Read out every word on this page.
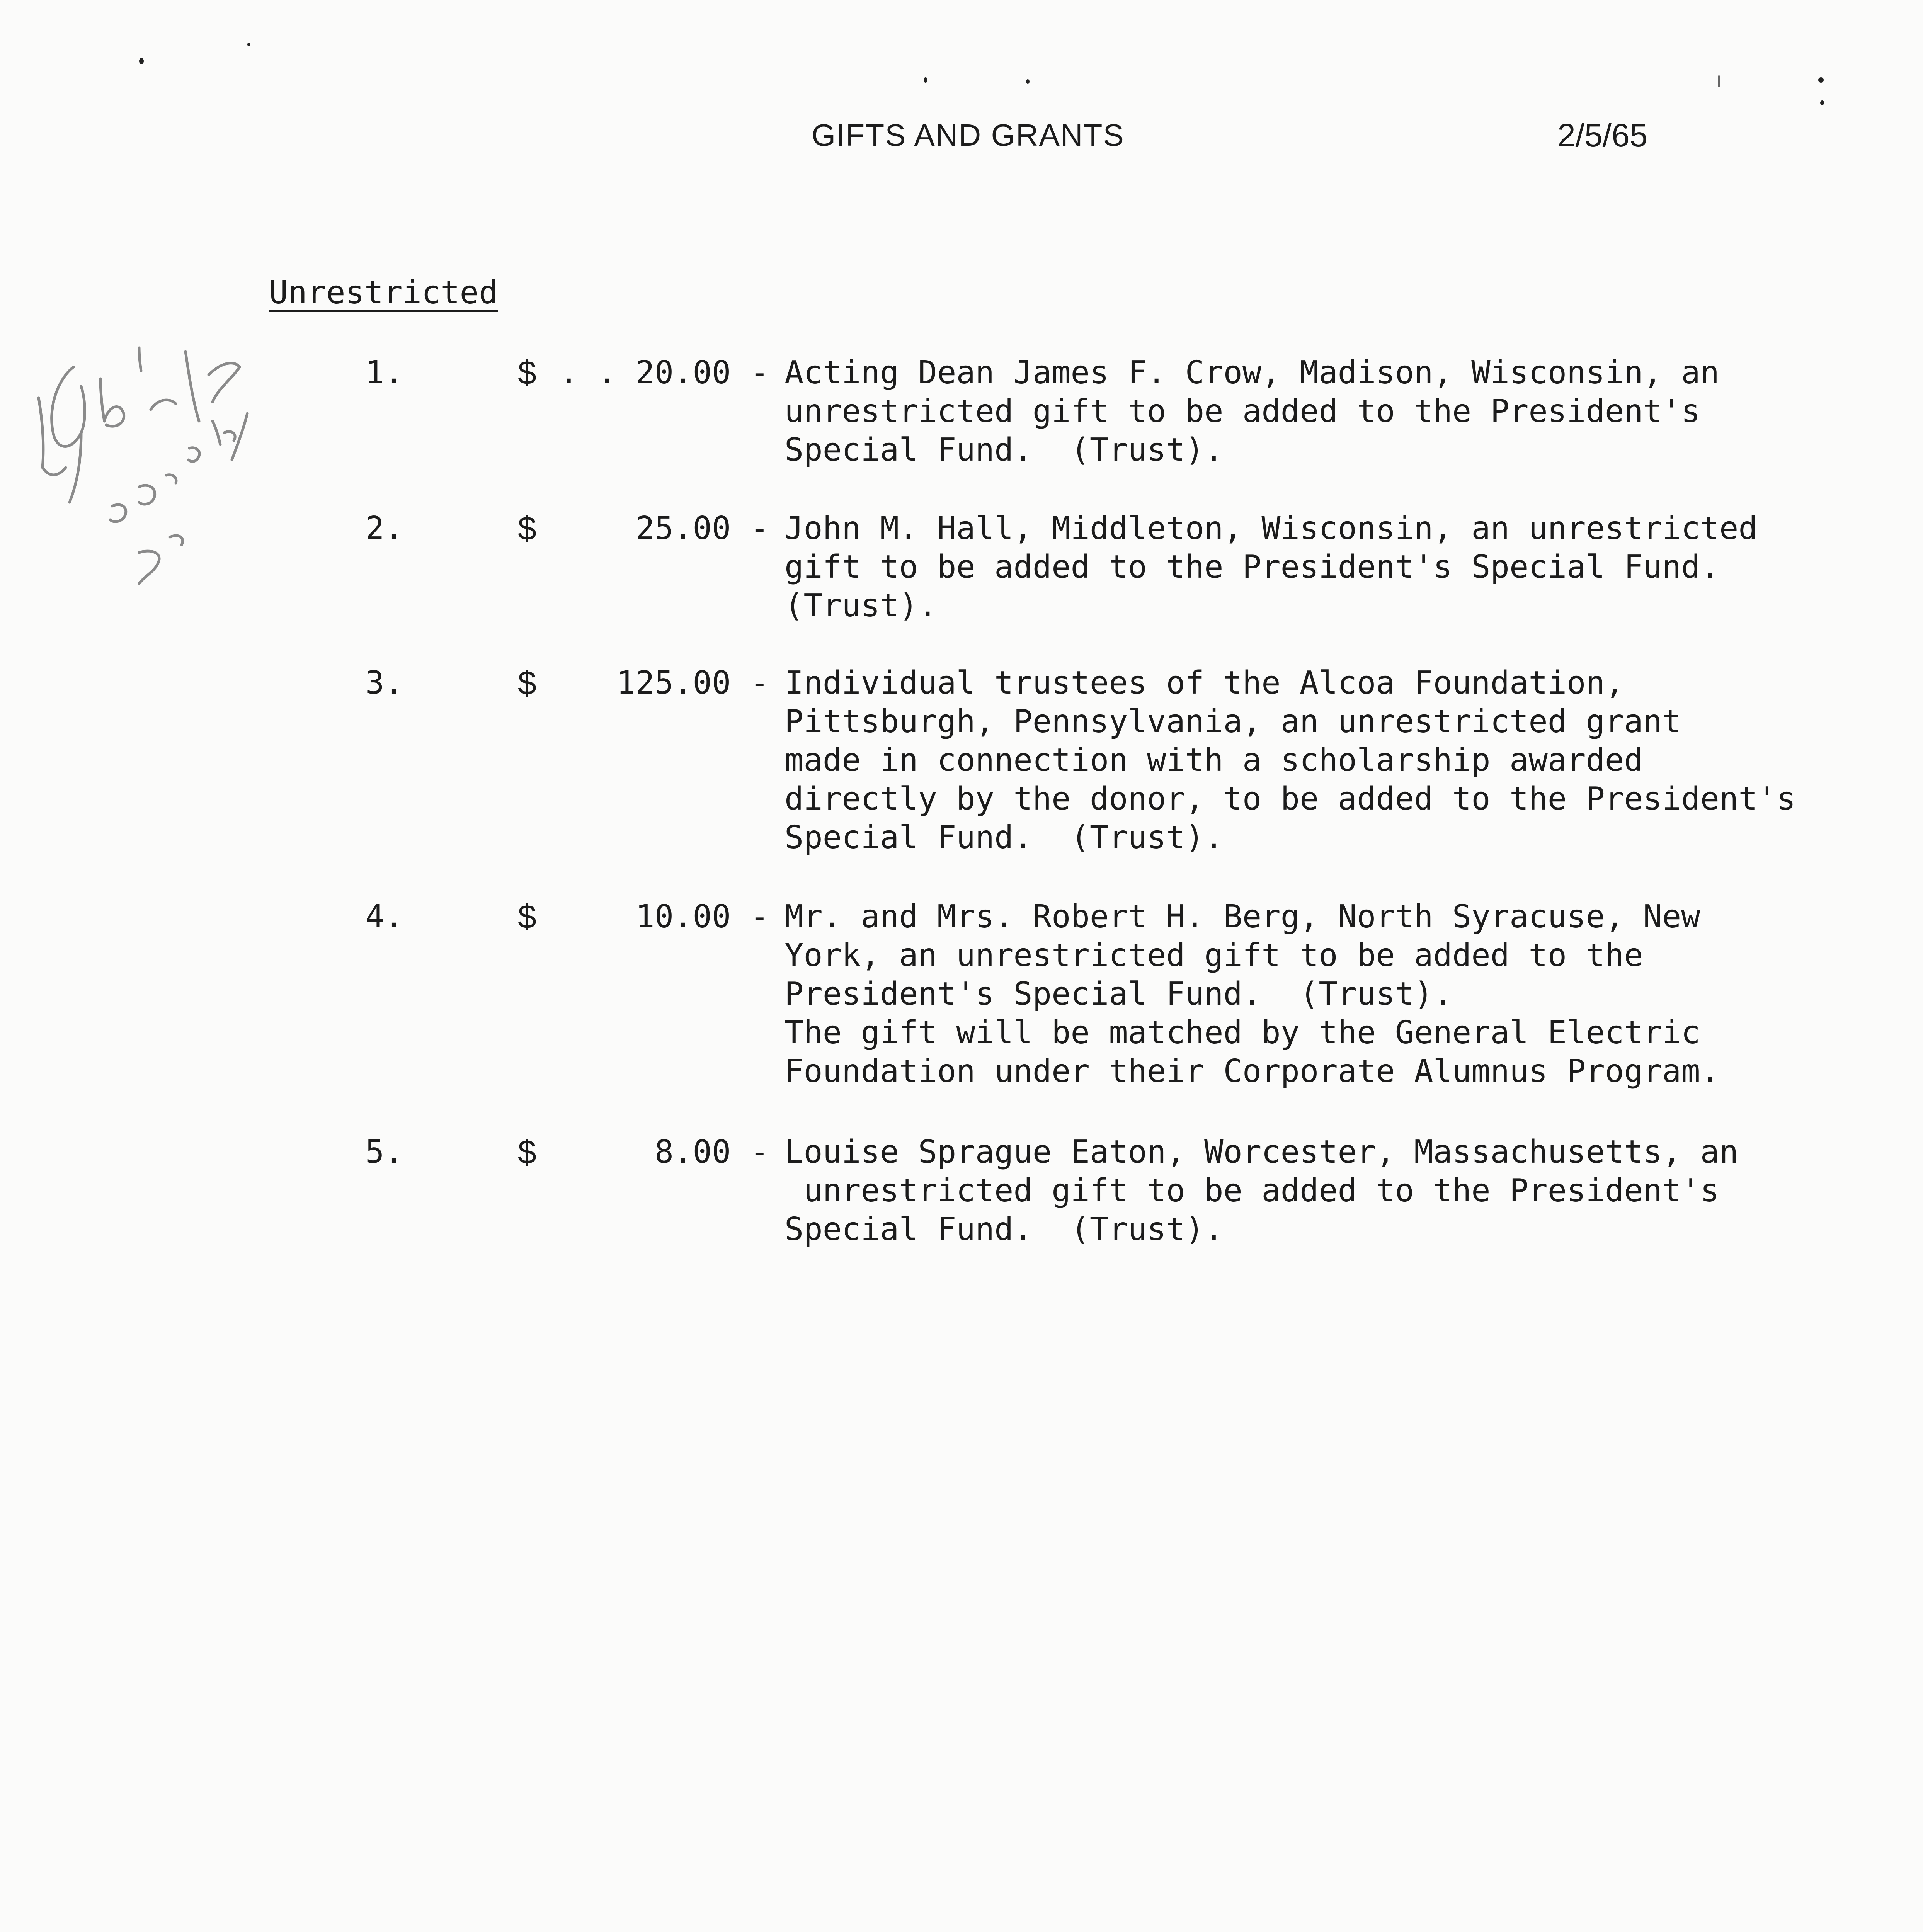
GIFTS AND GRANTS	2/5/65
Unrestricted
1.	$ . . 20.00 - Acting Dean James F. Crow, Madison, Wisconsin, an
unrestricted gift to be added to the President's
Special Fund.  (Trust).
2.	$	25.00 - John M. Hall, Middleton, Wisconsin, an unrestricted
gift to be added to the President's Special Fund.
(Trust).
3.	$	125.00 - Individual trustees of the Alcoa Foundation,
Pittsburgh, Pennsylvania, an unrestricted grant
made in connection with a scholarship awarded
directly by the donor, to be added to the President's
Special Fund.  (Trust).
4.	$	10.00 - Mr. and Mrs. Robert H. Berg, North Syracuse, New
York, an unrestricted gift to be added to the
President's Special Fund.  (Trust).
The gift will be matched by the General Electric
Foundation under their Corporate Alumnus Program.
5.	$	8.00 - Louise Sprague Eaton, Worcester, Massachusetts, an
unrestricted gift to be added to the President's
Special Fund.  (Trust).
